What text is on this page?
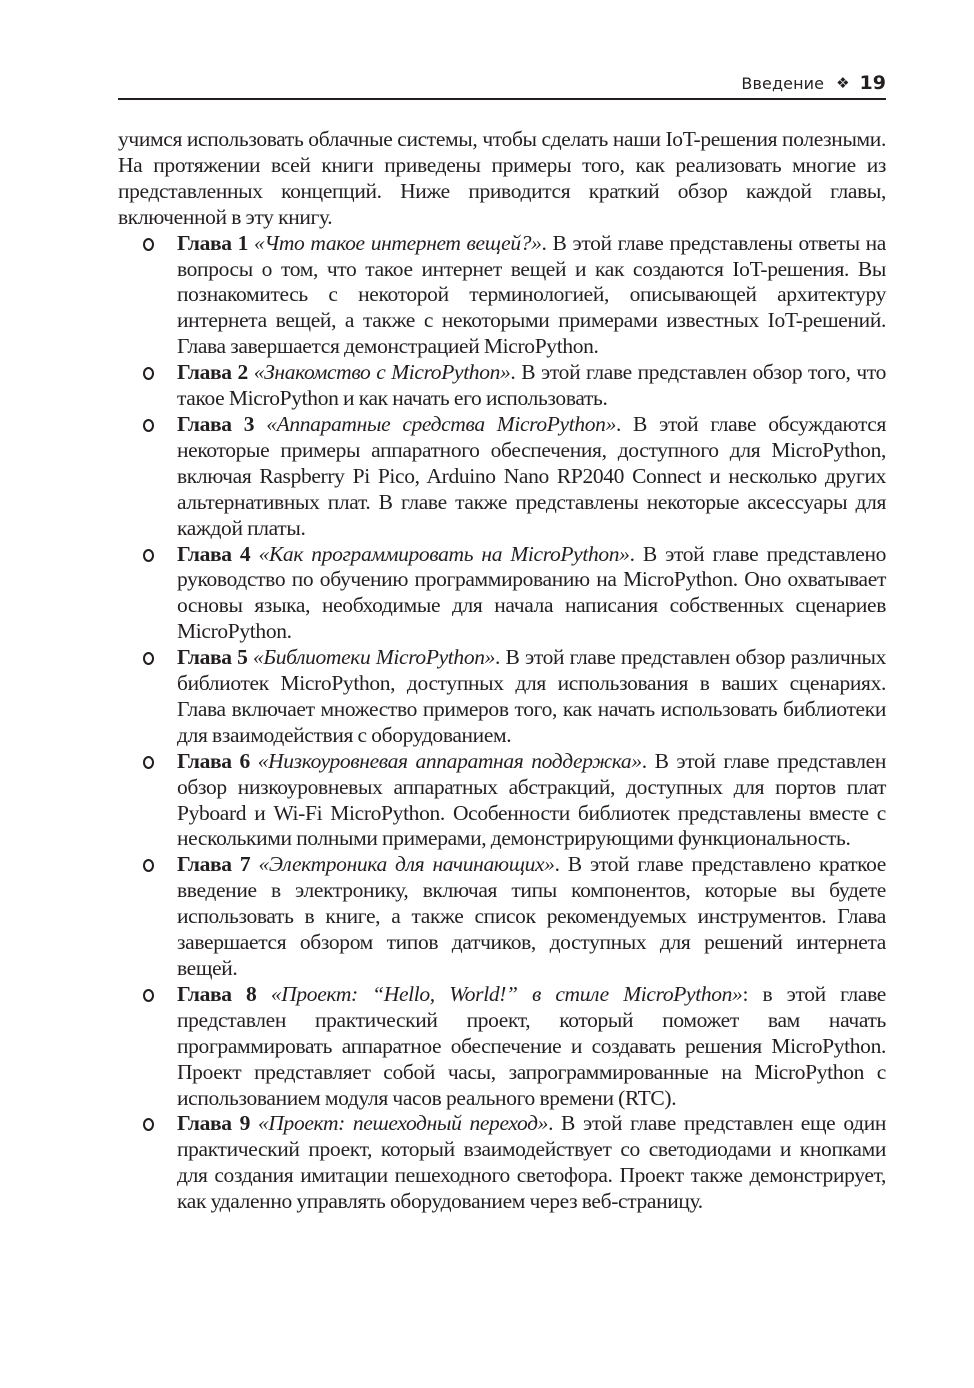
Введение ❖ 19

учимся использовать облачные системы, чтобы сделать наши IoT-решения полезными. На протяжении всей книги приведены примеры того, как реализовать многие из представленных концепций. Ниже приводится краткий обзор каждой главы, включенной в эту книгу.

Глава 1 «Что такое интернет вещей?». В этой главе представлены ответы на вопросы о том, что такое интернет вещей и как создаются IoT-решения. Вы познакомитесь с некоторой терминологией, описывающей архитектуру интернета вещей, а также с некоторыми примерами известных IoT-решений. Глава завершается демонстрацией MicroPython.
Глава 2 «Знакомство с MicroPython». В этой главе представлен обзор того, что такое MicroPython и как начать его использовать.
Глава 3 «Аппаратные средства MicroPython». В этой главе обсуждаются некоторые примеры аппаратного обеспечения, доступного для MicroPython, включая Raspberry Pi Pico, Arduino Nano RP2040 Connect и несколько других альтернативных плат. В главе также представлены некоторые аксессуары для каждой платы.
Глава 4 «Как программировать на MicroPython». В этой главе представлено руководство по обучению программированию на MicroPython. Оно охватывает основы языка, необходимые для начала написания собственных сценариев MicroPython.
Глава 5 «Библиотеки MicroPython». В этой главе представлен обзор различных библиотек MicroPython, доступных для использования в ваших сценариях. Глава включает множество примеров того, как начать использовать библиотеки для взаимодействия с оборудованием.
Глава 6 «Низкоуровневая аппаратная поддержка». В этой главе представлен обзор низкоуровневых аппаратных абстракций, доступных для портов плат Pyboard и Wi-Fi MicroPython. Особенности библиотек представлены вместе с несколькими полными примерами, демонстрирующими функциональность.
Глава 7 «Электроника для начинающих». В этой главе представлено краткое введение в электронику, включая типы компонентов, которые вы будете использовать в книге, а также список рекомендуемых инструментов. Глава завершается обзором типов датчиков, доступных для решений интернета вещей.
Глава 8 «Проект: “Hello, World!” в стиле MicroPython»: в этой главе представлен практический проект, который поможет вам начать программировать аппаратное обеспечение и создавать решения MicroPython. Проект представляет собой часы, запрограммированные на MicroPython с использованием модуля часов реального времени (RTC).
Глава 9 «Проект: пешеходный переход». В этой главе представлен еще один практический проект, который взаимодействует со светодиодами и кнопками для создания имитации пешеходного светофора. Проект также демонстрирует, как удаленно управлять оборудованием через веб-страницу.
